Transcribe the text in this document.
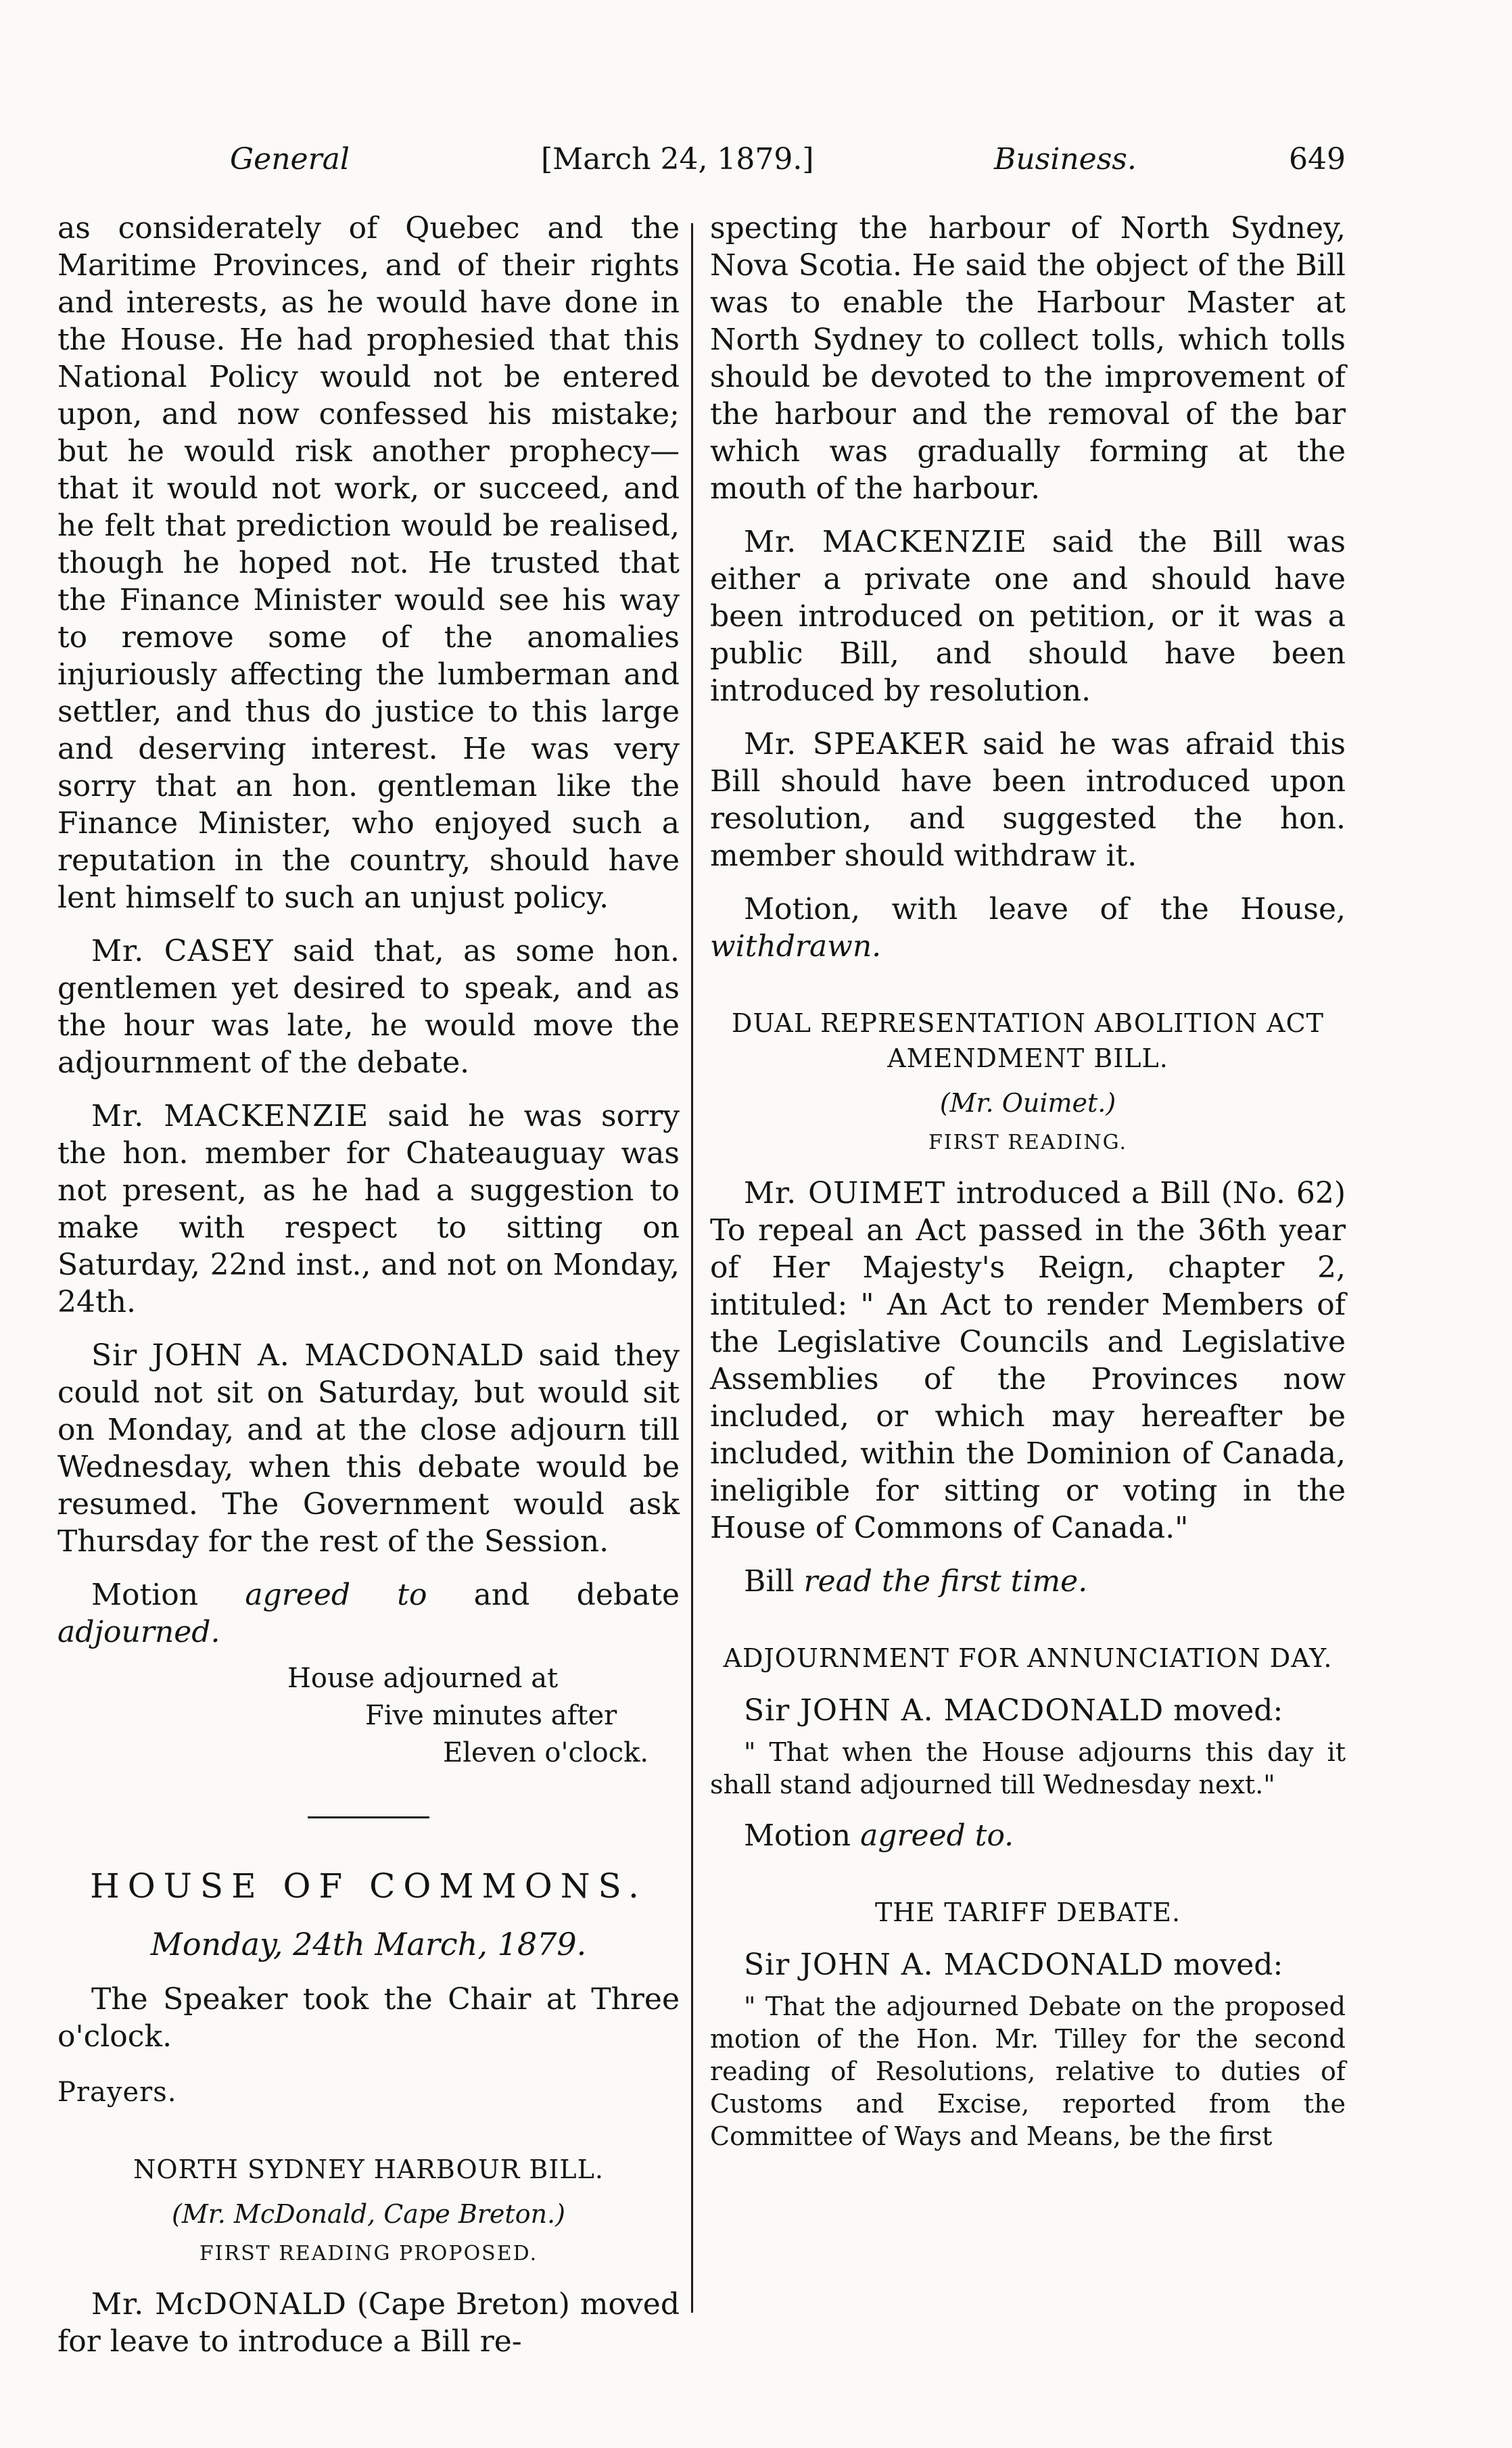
General	[March 24, 1879.]	Business.	649

as considerately of Quebec and the Maritime Provinces, and of their rights and interests, as he would have done in the House. He had prophesied that this National Policy would not be entered upon, and now confessed his mistake; but he would risk another prophecy—that it would not work, or succeed, and he felt that prediction would be realised, though he hoped not. He trusted that the Finance Minister would see his way to remove some of the anomalies injuriously affecting the lumberman and settler, and thus do justice to this large and deserving interest. He was very sorry that an hon. gentleman like the Finance Minister, who enjoyed such a reputation in the country, should have lent himself to such an unjust policy.

Mr. CASEY said that, as some hon. gentlemen yet desired to speak, and as the hour was late, he would move the adjournment of the debate.

Mr. MACKENZIE said he was sorry the hon. member for Chateauguay was not present, as he had a suggestion to make with respect to sitting on Saturday, 22nd inst., and not on Monday, 24th.

Sir JOHN A. MACDONALD said they could not sit on Saturday, but would sit on Monday, and at the close adjourn till Wednesday, when this debate would be resumed. The Government would ask Thursday for the rest of the Session.

Motion agreed to and debate adjourned.

House adjourned at
Five minutes after
Eleven o'clock.
HOUSE OF COMMONS.
Monday, 24th March, 1879.

The Speaker took the Chair at Three o'clock.

Prayers.
NORTH SYDNEY HARBOUR BILL.
(Mr. McDonald, Cape Breton.)
FIRST READING PROPOSED.

Mr. McDONALD (Cape Breton) moved for leave to introduce a Bill re-

specting the harbour of North Sydney, Nova Scotia. He said the object of the Bill was to enable the Harbour Master at North Sydney to collect tolls, which tolls should be devoted to the improvement of the harbour and the removal of the bar which was gradually forming at the mouth of the harbour.

Mr. MACKENZIE said the Bill was either a private one and should have been introduced on petition, or it was a public Bill, and should have been introduced by resolution.

Mr. SPEAKER said he was afraid this Bill should have been introduced upon resolution, and suggested the hon. member should withdraw it.

Motion, with leave of the House, withdrawn.

DUAL REPRESENTATION ABOLITION ACT AMENDMENT BILL.
(Mr. Ouimet.)
FIRST READING.

Mr. OUIMET introduced a Bill (No. 62) To repeal an Act passed in the 36th year of Her Majesty's Reign, chapter 2, intituled: " An Act to render Members of the Legislative Councils and Legislative Assemblies of the Provinces now included, or which may hereafter be included, within the Dominion of Canada, ineligible for sitting or voting in the House of Commons of Canada."

Bill read the first time.

ADJOURNMENT FOR ANNUNCIATION DAY.

Sir JOHN A. MACDONALD moved:

" That when the House adjourns this day it shall stand adjourned till Wednesday next."

Motion agreed to.

THE TARIFF DEBATE.

Sir JOHN A. MACDONALD moved:

" That the adjourned Debate on the proposed motion of the Hon. Mr. Tilley for the second reading of Resolutions, relative to duties of Customs and Excise, reported from the Committee of Ways and Means, be the first
